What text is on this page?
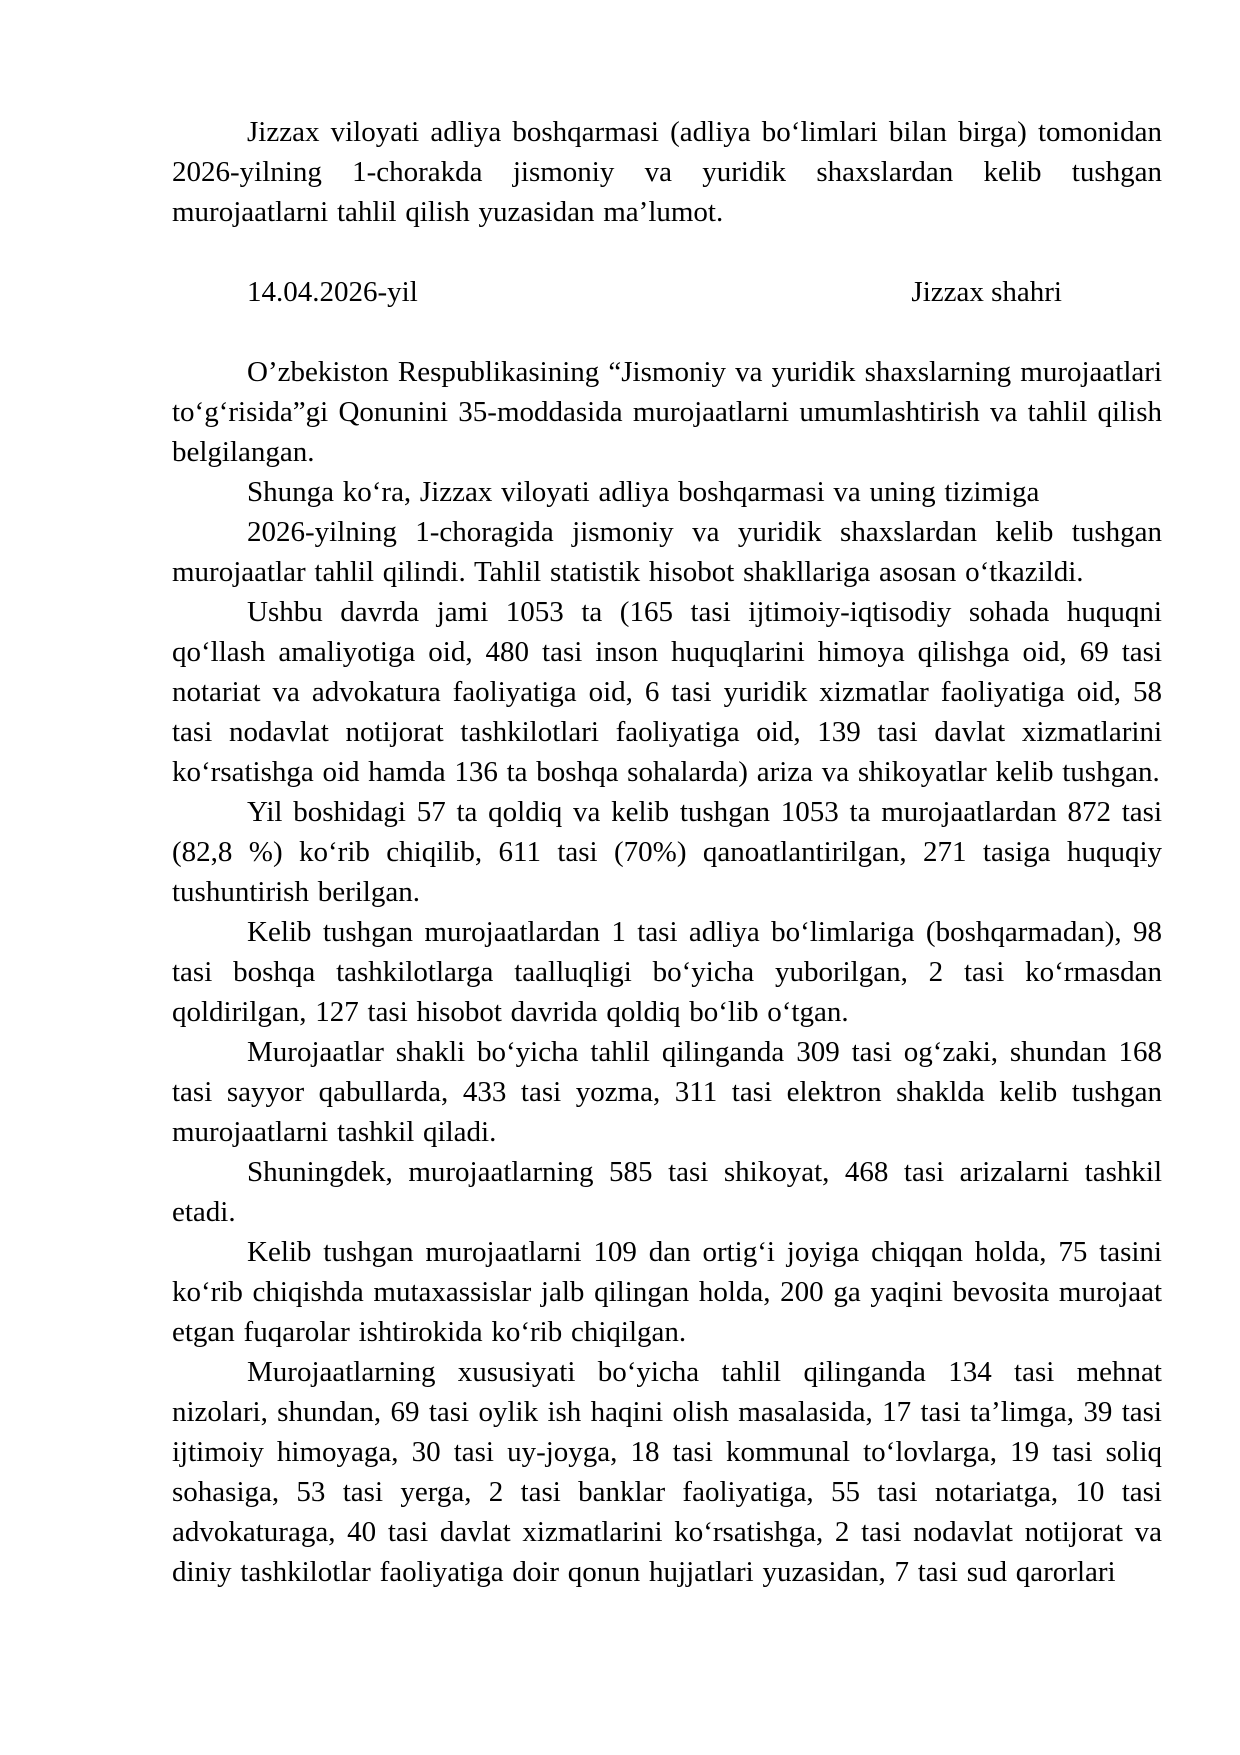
Jizzax viloyati adliya boshqarmasi (adliya bo‘limlari bilan birga) tomonidan 2026-yilning 1-chorakda jismoniy va yuridik shaxslardan kelib tushgan murojaatlarni tahlil qilish yuzasidan ma’lumot.

14.04.2026-yil	Jizzax shahri

O’zbekiston Respublikasining “Jismoniy va yuridik shaxslarning murojaatlari to‘g‘risida”gi Qonunini 35-moddasida murojaatlarni umumlashtirish va tahlil qilish belgilangan.

Shunga ko‘ra, Jizzax viloyati adliya boshqarmasi va uning tizimiga

2026-yilning 1-choragida jismoniy va yuridik shaxslardan kelib tushgan murojaatlar tahlil qilindi. Tahlil statistik hisobot shakllariga asosan o‘tkazildi.

Ushbu davrda jami 1053 ta (165 tasi ijtimoiy-iqtisodiy sohada huquqni qo‘llash amaliyotiga oid, 480 tasi inson huquqlarini himoya qilishga oid, 69 tasi notariat va advokatura faoliyatiga oid, 6 tasi yuridik xizmatlar faoliyatiga oid, 58 tasi nodavlat notijorat tashkilotlari faoliyatiga oid, 139 tasi davlat xizmatlarini ko‘rsatishga oid hamda 136 ta boshqa sohalarda) ariza va shikoyatlar kelib tushgan.

Yil boshidagi 57 ta qoldiq va kelib tushgan 1053 ta murojaatlardan 872 tasi (82,8 %) ko‘rib chiqilib, 611 tasi (70%) qanoatlantirilgan, 271 tasiga huquqiy tushuntirish berilgan.

Kelib tushgan murojaatlardan 1 tasi adliya bo‘limlariga (boshqarmadan), 98 tasi boshqa tashkilotlarga taalluqligi bo‘yicha yuborilgan, 2 tasi ko‘rmasdan qoldirilgan, 127 tasi hisobot davrida qoldiq bo‘lib o‘tgan.

Murojaatlar shakli bo‘yicha tahlil qilinganda 309 tasi og‘zaki, shundan 168 tasi sayyor qabullarda, 433 tasi yozma, 311 tasi elektron shaklda kelib tushgan murojaatlarni tashkil qiladi.

Shuningdek, murojaatlarning 585 tasi shikoyat, 468 tasi arizalarni tashkil etadi.

Kelib tushgan murojaatlarni 109 dan ortig‘i joyiga chiqqan holda, 75 tasini ko‘rib chiqishda mutaxassislar jalb qilingan holda, 200 ga yaqini bevosita murojaat etgan fuqarolar ishtirokida ko‘rib chiqilgan.

Murojaatlarning xususiyati bo‘yicha tahlil qilinganda 134 tasi mehnat nizolari, shundan, 69 tasi oylik ish haqini olish masalasida, 17 tasi ta’limga, 39 tasi ijtimoiy himoyaga, 30 tasi uy-joyga, 18 tasi kommunal to‘lovlarga, 19 tasi soliq sohasiga, 53 tasi yerga, 2 tasi banklar faoliyatiga, 55 tasi notariatga, 10 tasi advokaturaga, 40 tasi davlat xizmatlarini ko‘rsatishga, 2 tasi nodavlat notijorat va diniy tashkilotlar faoliyatiga doir qonun hujjatlari yuzasidan, 7 tasi sud qarorlari
